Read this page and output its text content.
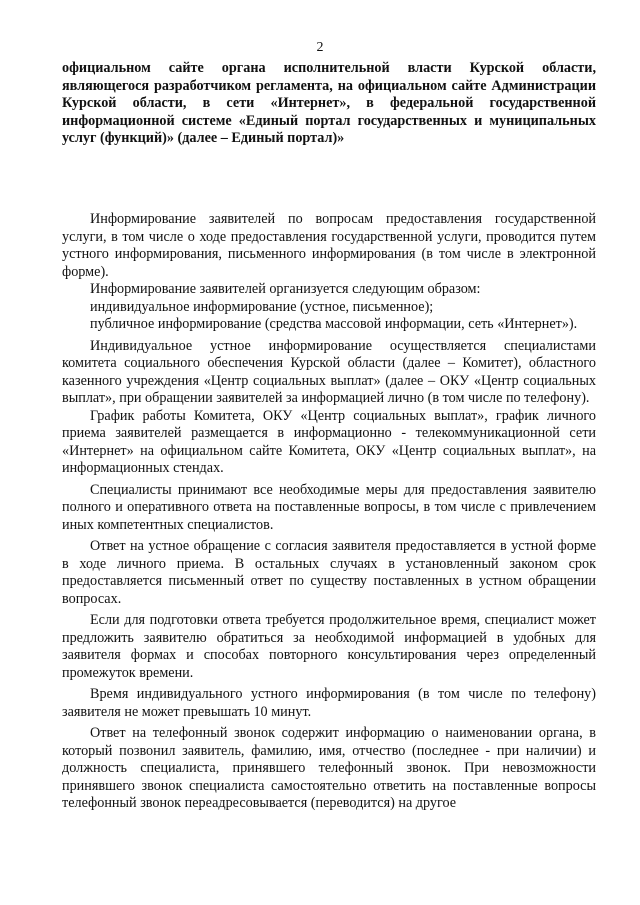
2

официальном сайте органа исполнительной власти Курской области, являющегося разработчиком регламента, на официальном сайте Администрации Курской области, в сети «Интернет», в федеральной государственной информационной системе «Единый портал государственных и муниципальных услуг (функций)» (далее – Единый портал)»

Информирование заявителей по вопросам предоставления государственной услуги, в том числе о ходе предоставления государственной услуги, проводится путем устного информирования, письменного информирования (в том числе в электронной форме).

Информирование заявителей организуется следующим образом:

индивидуальное информирование (устное, письменное);

публичное информирование (средства массовой информации, сеть «Интернет»).

Индивидуальное устное информирование осуществляется специалистами комитета социального обеспечения Курской области (далее – Комитет), областного казенного учреждения «Центр социальных выплат» (далее – ОКУ «Центр социальных выплат», при обращении заявителей за информацией лично (в том числе по телефону).

График работы Комитета, ОКУ «Центр социальных выплат», график личного приема заявителей размещается в информационно - телекоммуникационной сети «Интернет» на официальном сайте Комитета, ОКУ «Центр социальных выплат», на информационных стендах.

Специалисты принимают все необходимые меры для предоставления заявителю полного и оперативного ответа на поставленные вопросы, в том числе с привлечением иных компетентных специалистов.

Ответ на устное обращение с согласия заявителя предоставляется в устной форме в ходе личного приема. В остальных случаях в установленный законом срок предоставляется письменный ответ по существу поставленных в устном обращении вопросах.

Если для подготовки ответа требуется продолжительное время, специалист может предложить заявителю обратиться за необходимой информацией в удобных для заявителя формах и способах повторного консультирования через определенный промежуток времени.

Время индивидуального устного информирования (в том числе по телефону) заявителя не может превышать 10 минут.

Ответ на телефонный звонок содержит информацию о наименовании органа, в который позвонил заявитель, фамилию, имя, отчество (последнее - при наличии) и должность специалиста, принявшего телефонный звонок. При невозможности принявшего звонок специалиста самостоятельно ответить на поставленные вопросы телефонный звонок переадресовывается (переводится) на другое
